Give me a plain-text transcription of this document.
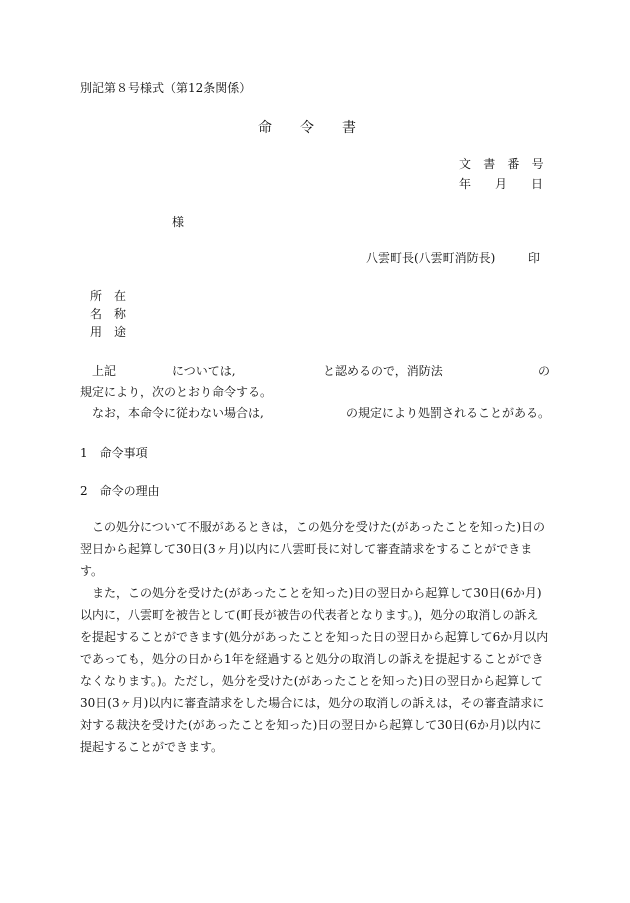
別記第８号様式（第12条関係）
命　　令　　書
文 書 番 号
年　　月　　日
様
八雲町長(八雲町消防長)	印
所　在
名　称
用　途
上記	については,	と認めるので，消防法	の
規定により，次のとおり命令する。
なお，本命令に従わない場合は,	の規定により処罰されることがある。
1　命令事項
2　命令の理由

この処分について不服があるときは，この処分を受けた(があったことを知った)日の翌日から起算して30日(3ヶ月)以内に八雲町長に対して審査請求をすることができます。

また，この処分を受けた(があったことを知った)日の翌日から起算して30日(6か月)以内に，八雲町を被告として(町長が被告の代表者となります。)，処分の取消しの訴えを提起することができます(処分があったことを知った日の翌日から起算して6か月以内であっても，処分の日から1年を経過すると処分の取消しの訴えを提起することができなくなります。)。ただし，処分を受けた(があったことを知った)日の翌日から起算して30日(3ヶ月)以内に審査請求をした場合には，処分の取消しの訴えは，その審査請求に対する裁決を受けた(があったことを知った)日の翌日から起算して30日(6か月)以内に提起することができます。
